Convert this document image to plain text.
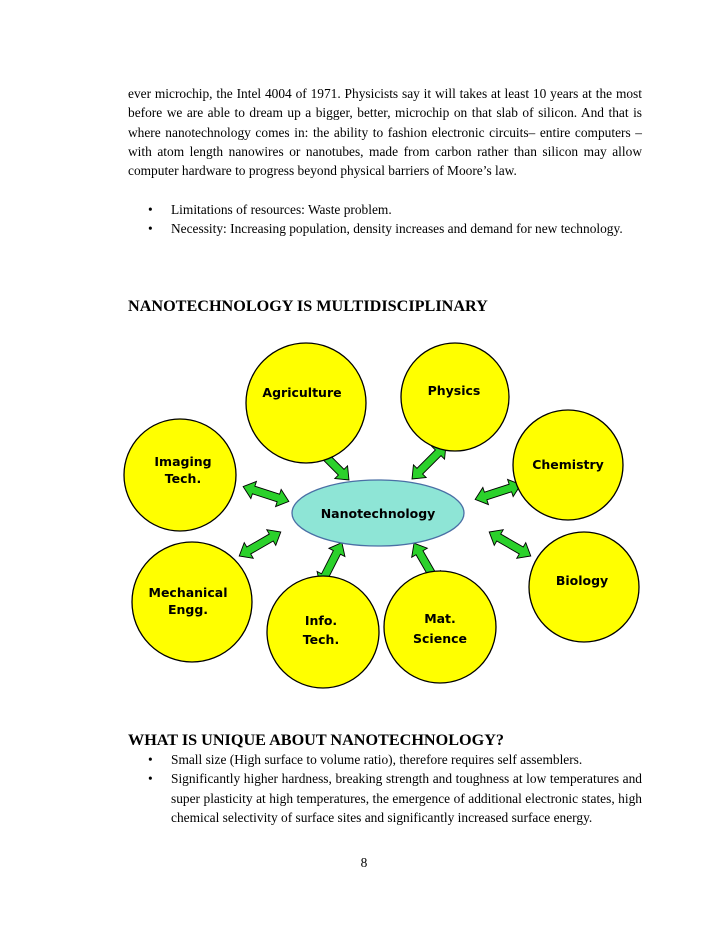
ever microchip, the Intel 4004 of 1971. Physicists say it will takes at least 10 years at the most before we are able to dream up a bigger, better, microchip on that slab of silicon. And that is where nanotechnology comes in: the ability to fashion electronic circuits– entire computers –with atom length nanowires or nanotubes, made from carbon rather than silicon may allow computer hardware to progress beyond physical barriers of Moore’s law.
• Limitations of resources: Waste problem.
• Necessity: Increasing population, density increases and demand for new technology.
NANOTECHNOLOGY IS MULTIDISCIPLINARY
Agriculture	Physics
Imaging
Tech.
Chemistry
Mechanical
Engg.
Biology
Info.
Tech.
Mat.
Science
Nanotechnology
WHAT IS UNIQUE ABOUT NANOTECHNOLOGY?
• Small size (High surface to volume ratio), therefore requires self assemblers.
• Significantly higher hardness, breaking strength and toughness at low temperatures and super plasticity at high temperatures, the emergence of additional electronic states, high chemical selectivity of surface sites and significantly increased surface energy.
8
